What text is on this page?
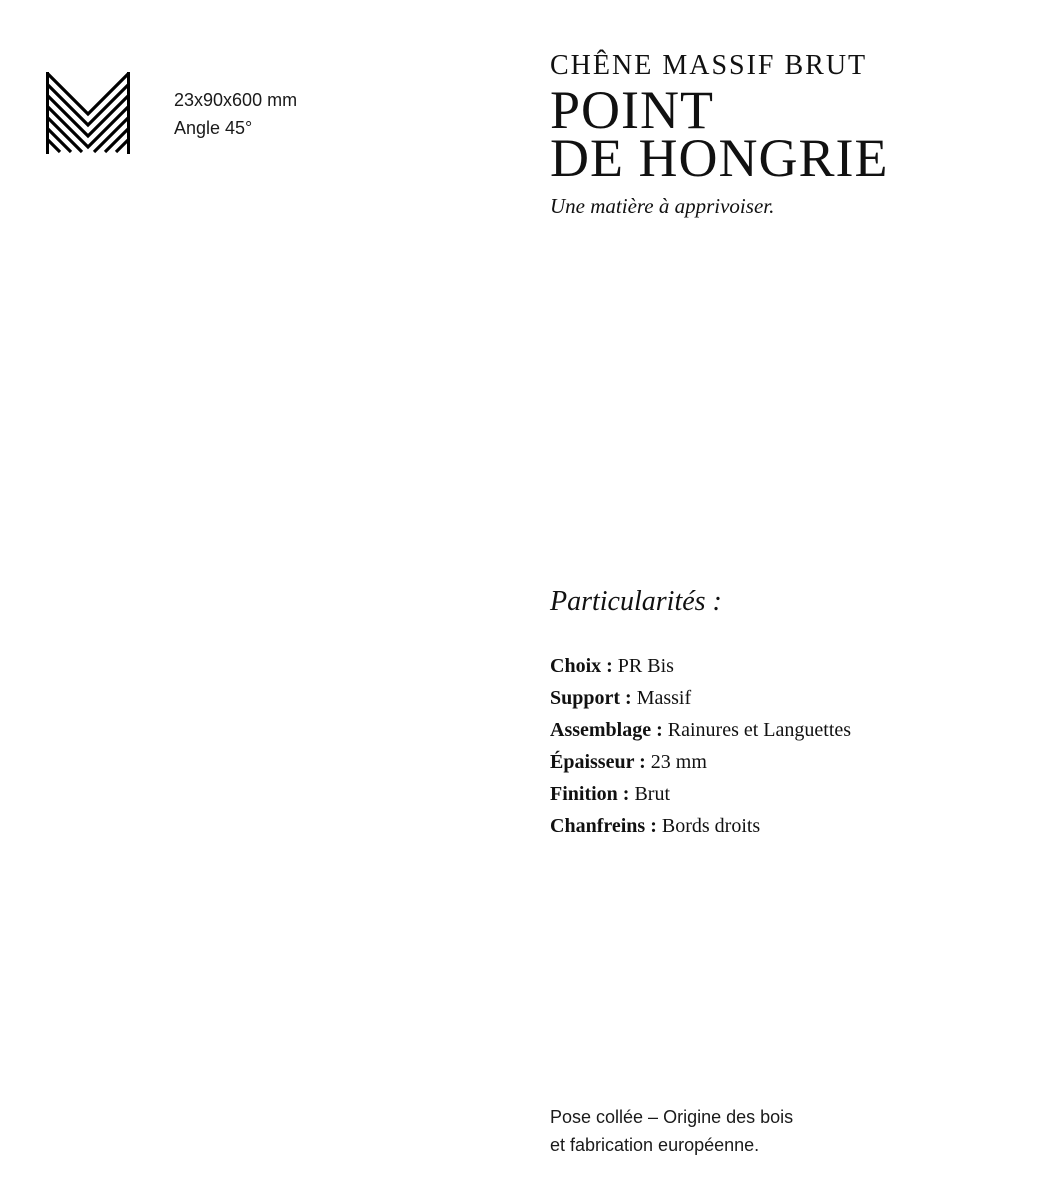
23x90x600 mm
Angle 45°
CHÊNE MASSIF BRUT
POINT
DE HONGRIE
Une matière à apprivoiser.
Particularités :
Choix : PR Bis
Support : Massif
Assemblage : Rainures et Languettes
Épaisseur : 23 mm
Finition : Brut
Chanfreins : Bords droits
Pose collée – Origine des bois
et fabrication européenne.
